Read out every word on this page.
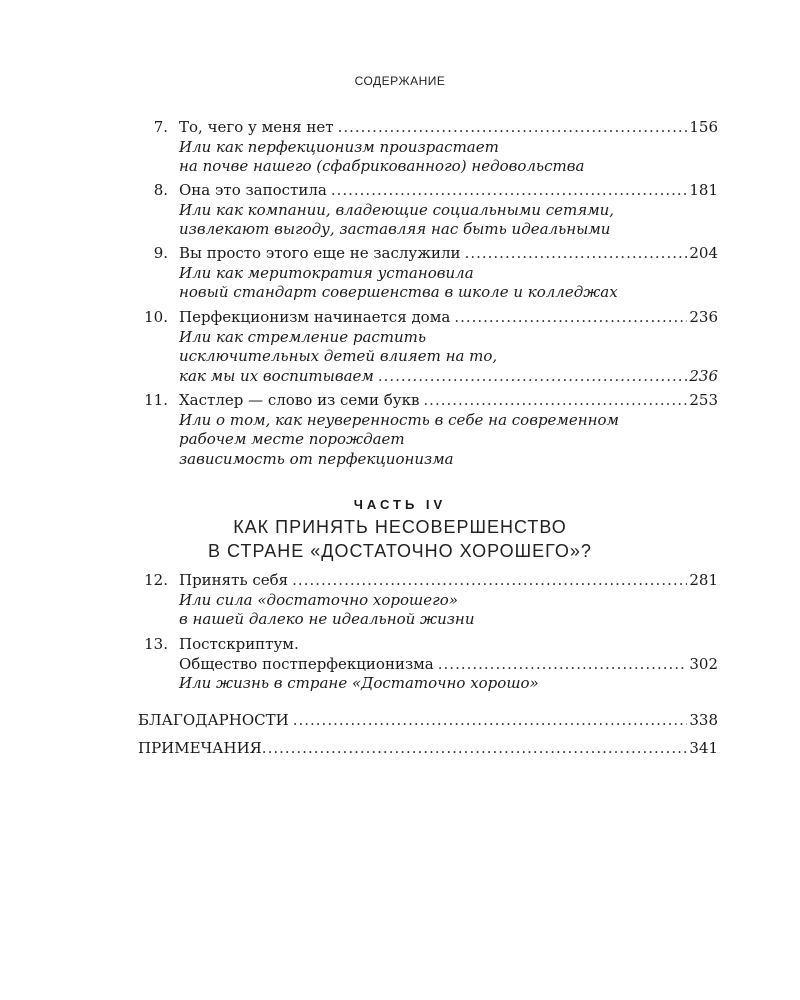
СОДЕРЖАНИЕ
7. То, чего у меня нет .....	156
Или как перфекционизм произрастает
на почве нашего (сфабрикованного) недовольства
8. Она это запостила .....	181
Или как компании, владеющие социальными сетями,
извлекают выгоду, заставляя нас быть идеальными
9. Вы просто этого еще не заслужили .....	204
Или как меритократия установила
новый стандарт совершенства в школе и колледжах
10. Перфекционизм начинается дома .....	236
Или как стремление растить
исключительных детей влияет на то,
как мы их воспитываем .....	236
11. Хастлер — слово из семи букв .....	253
Или о том, как неуверенность в себе на современном
рабочем месте порождает
зависимость от перфекционизма
ЧАСТЬ IV
КАК ПРИНЯТЬ НЕСОВЕРШЕНСТВО
В СТРАНЕ «ДОСТАТОЧНО ХОРОШЕГО»?
12. Принять себя .....	281
Или сила «достаточно хорошего»
в нашей далеко не идеальной жизни
13. Постскриптум.
Общество постперфекционизма .....	302
Или жизнь в стране «Достаточно хорошо»
БЛАГОДАРНОСТИ .....	338
ПРИМЕЧАНИЯ .....	341
